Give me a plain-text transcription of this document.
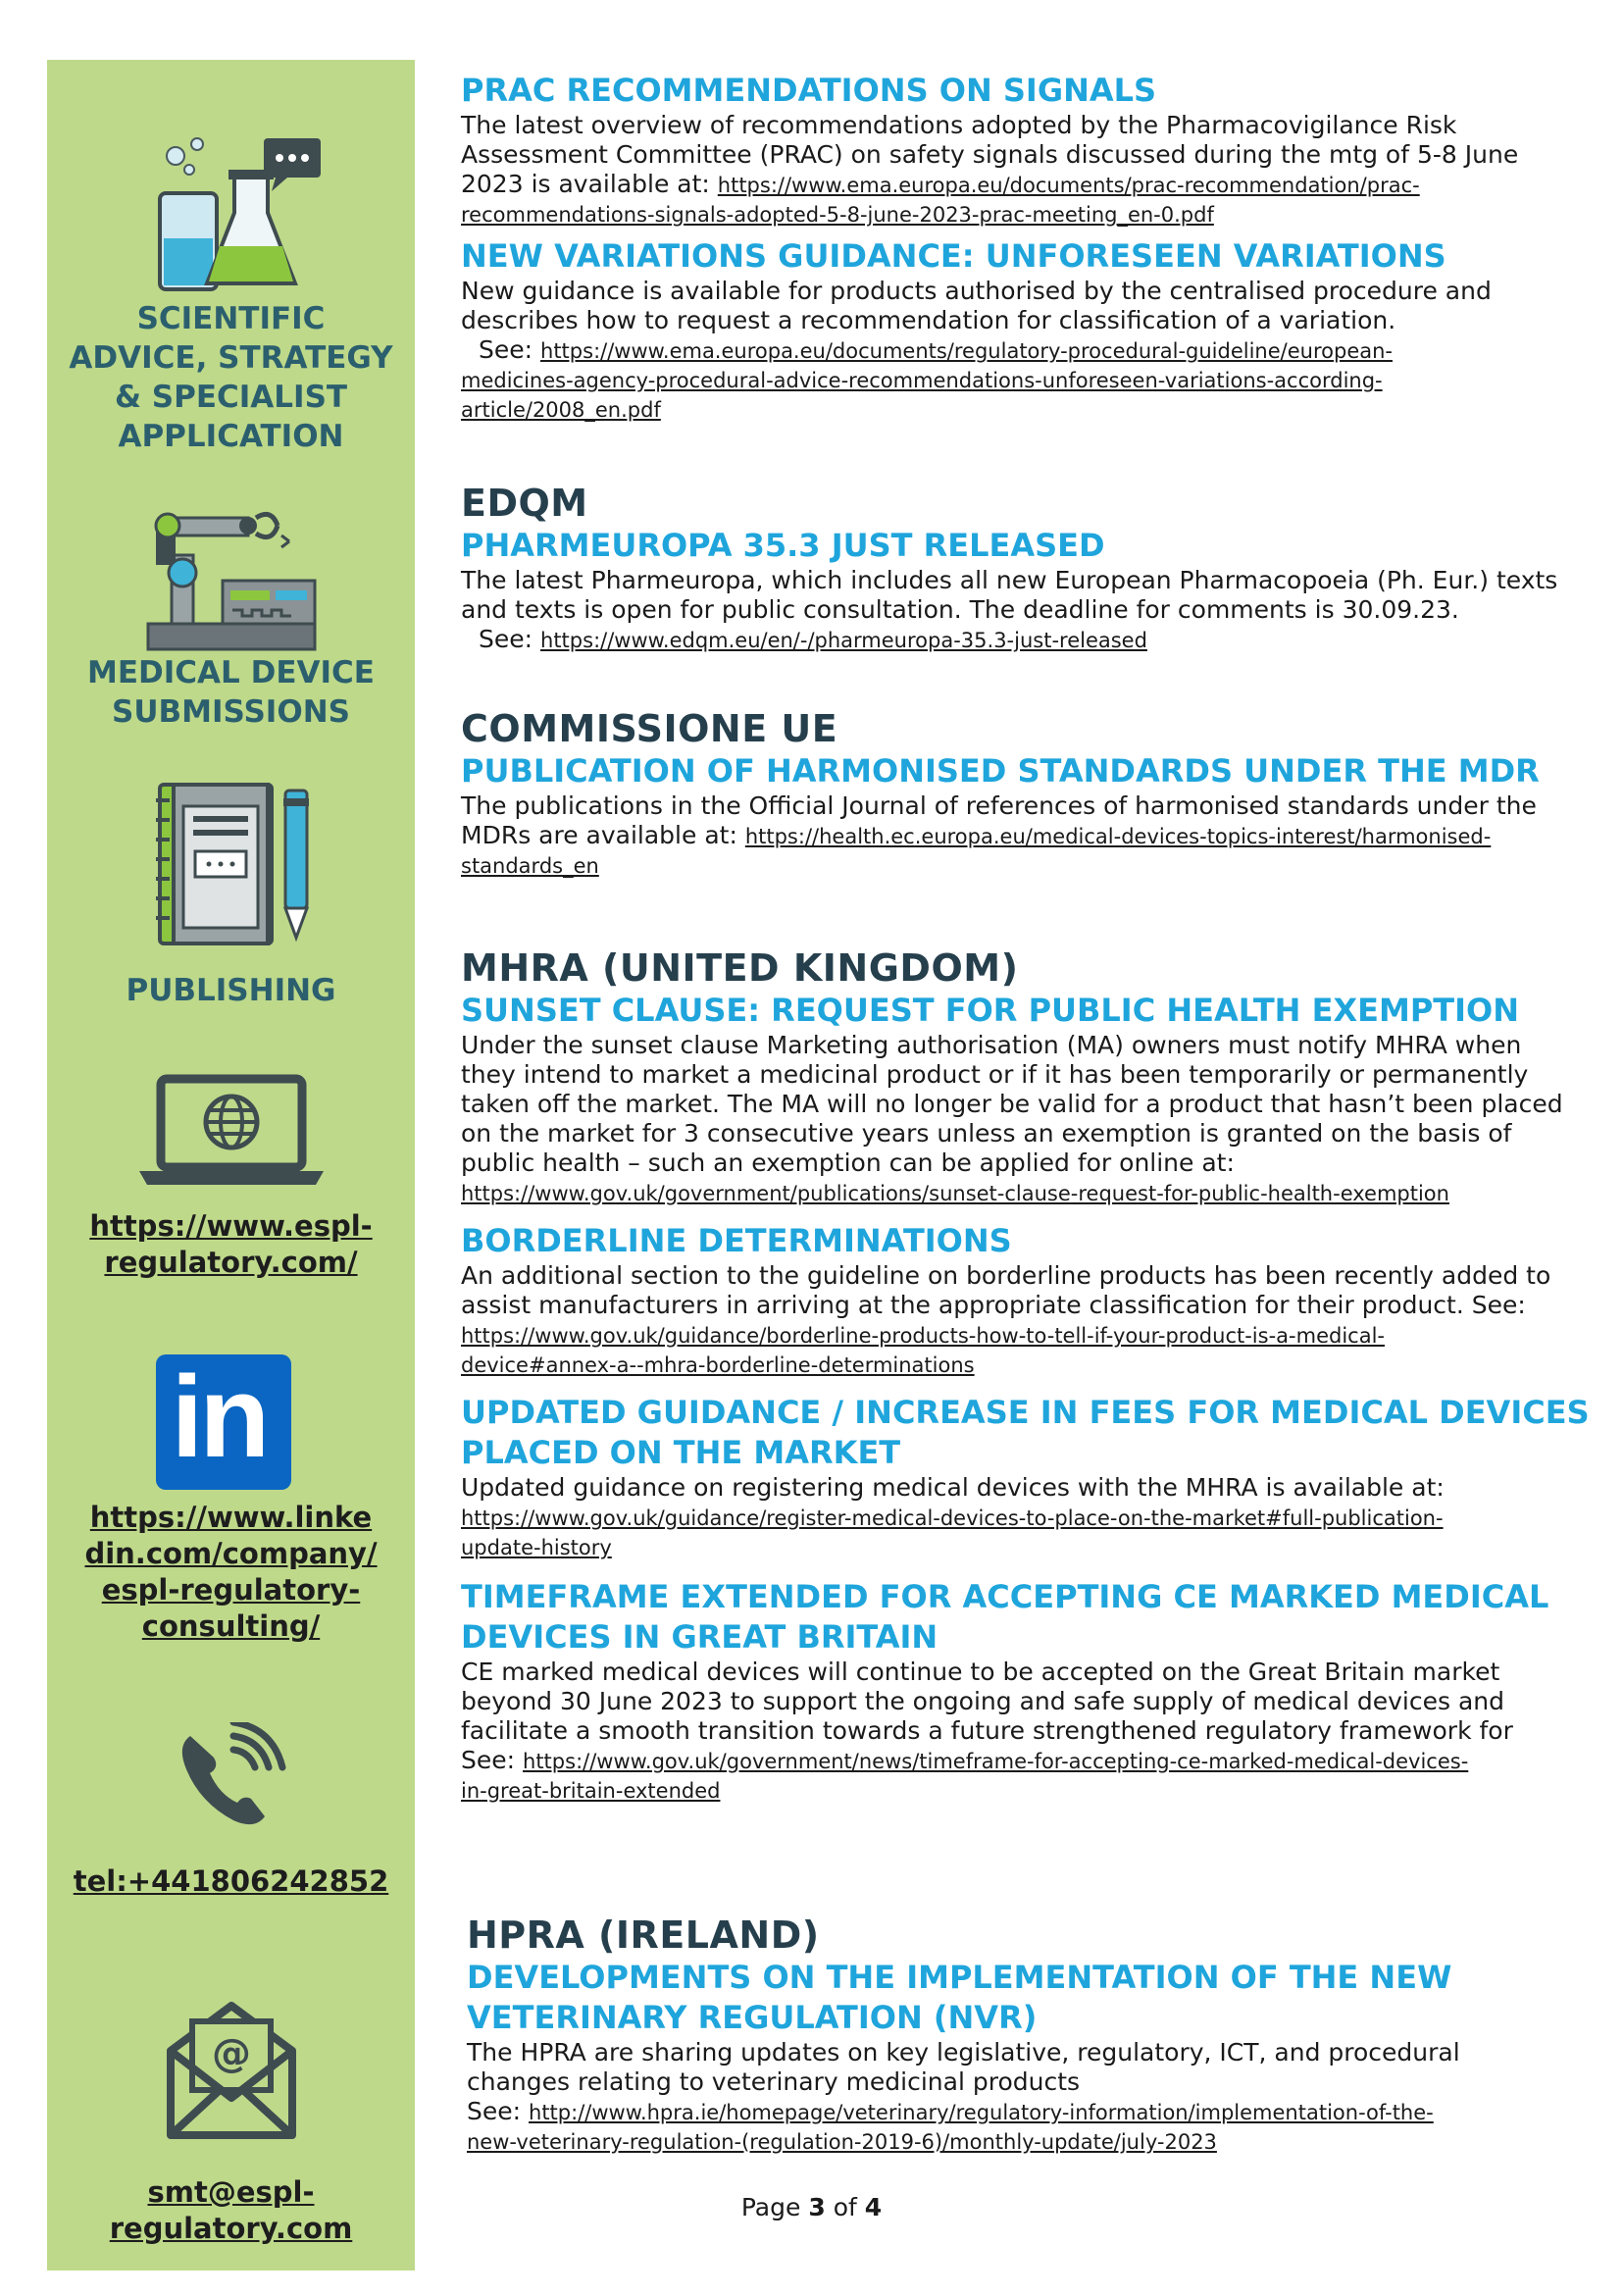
SCIENTIFIC
ADVICE, STRATEGY
& SPECIALIST
APPLICATION
MEDICAL DEVICE
SUBMISSIONS
PUBLISHING
https://www.espl-
regulatory.com/
in
https://www.linke
din.com/company/
espl-regulatory-
consulting/
tel:+441806242852
@
smt@espl-
regulatory.com
PRAC RECOMMENDATIONS ON SIGNALS
The latest overview of recommendations adopted by the Pharmacovigilance Risk
Assessment Committee (PRAC) on safety signals discussed during the mtg of 5-8 June
2023 is available at: https://www.ema.europa.eu/documents/prac-recommendation/prac-
recommendations-signals-adopted-5-8-june-2023-prac-meeting_en-0.pdf
NEW VARIATIONS GUIDANCE: UNFORESEEN VARIATIONS
New guidance is available for products authorised by the centralised procedure and
describes how to request a recommendation for classification of a variation.
See: https://www.ema.europa.eu/documents/regulatory-procedural-guideline/european-
medicines-agency-procedural-advice-recommendations-unforeseen-variations-according-
article/2008_en.pdf
EDQM
PHARMEUROPA 35.3 JUST RELEASED
The latest Pharmeuropa, which includes all new European Pharmacopoeia (Ph. Eur.) texts
and texts is open for public consultation. The deadline for comments is 30.09.23.
See: https://www.edqm.eu/en/-/pharmeuropa-35.3-just-released
COMMISSIONE UE
PUBLICATION OF HARMONISED STANDARDS UNDER THE MDR
The publications in the Official Journal of references of harmonised standards under the
MDRs are available at: https://health.ec.europa.eu/medical-devices-topics-interest/harmonised-
standards_en
MHRA (UNITED KINGDOM)
SUNSET CLAUSE: REQUEST FOR PUBLIC HEALTH EXEMPTION
Under the sunset clause Marketing authorisation (MA) owners must notify MHRA when
they intend to market a medicinal product or if it has been temporarily or permanently
taken off the market. The MA will no longer be valid for a product that hasn’t been placed
on the market for 3 consecutive years unless an exemption is granted on the basis of
public health – such an exemption can be applied for online at:
https://www.gov.uk/government/publications/sunset-clause-request-for-public-health-exemption
BORDERLINE DETERMINATIONS
An additional section to the guideline on borderline products has been recently added to
assist manufacturers in arriving at the appropriate classification for their product. See:
https://www.gov.uk/guidance/borderline-products-how-to-tell-if-your-product-is-a-medical-
device#annex-a--mhra-borderline-determinations
UPDATED GUIDANCE / INCREASE IN FEES FOR MEDICAL DEVICES
PLACED ON THE MARKET
Updated guidance on registering medical devices with the MHRA is available at:
https://www.gov.uk/guidance/register-medical-devices-to-place-on-the-market#full-publication-
update-history
TIMEFRAME EXTENDED FOR ACCEPTING CE MARKED MEDICAL
DEVICES IN GREAT BRITAIN
CE marked medical devices will continue to be accepted on the Great Britain market
beyond 30 June 2023 to support the ongoing and safe supply of medical devices and
facilitate a smooth transition towards a future strengthened regulatory framework for
See: https://www.gov.uk/government/news/timeframe-for-accepting-ce-marked-medical-devices-
in-great-britain-extended
HPRA (IRELAND)
DEVELOPMENTS ON THE IMPLEMENTATION OF THE NEW
VETERINARY REGULATION (NVR)
The HPRA are sharing updates on key legislative, regulatory, ICT, and procedural
changes relating to veterinary medicinal products
See: http://www.hpra.ie/homepage/veterinary/regulatory-information/implementation-of-the-
new-veterinary-regulation-(regulation-2019-6)/monthly-update/july-2023
Page 3 of 4
